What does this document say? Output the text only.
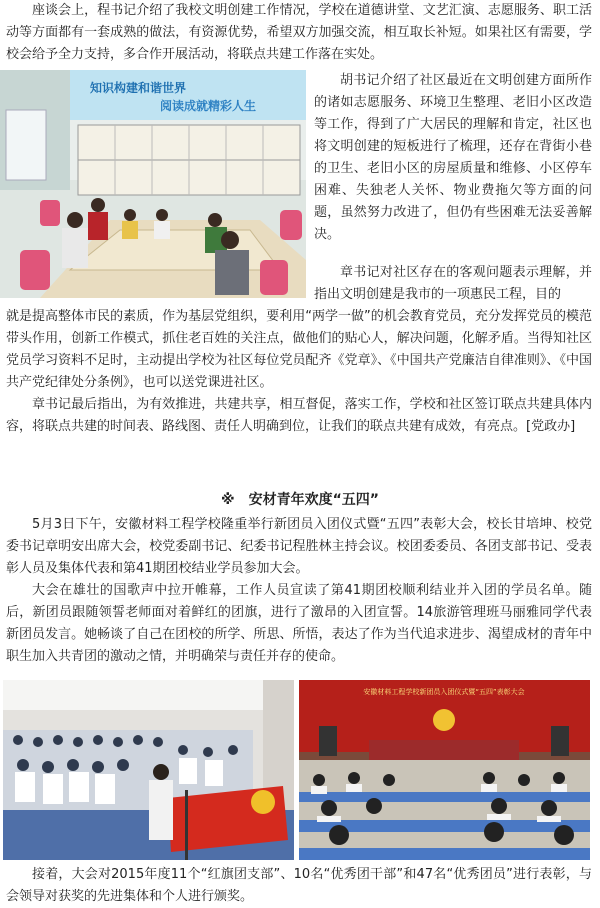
座谈会上，程书记介绍了我校文明创建工作情况，学校在道德讲堂、文艺汇演、志愿服务、职工活动等方面都有一套成熟的做法，有资源优势，希望双方加强交流，相互取长补短。如果社区有需要，学校会给予全力支持，多合作开展活动，将联点共建工作落在实处。

知识构建和谐世界
阅读成就精彩人生

胡书记介绍了社区最近在文明创建方面所作的诸如志愿服务、环境卫生整理、老旧小区改造等工作，得到了广大居民的理解和肯定，社区也将文明创建的短板进行了梳理，还存在背街小巷的卫生、老旧小区的房屋质量和维修、小区停车困难、失独老人关怀、物业费拖欠等方面的问题，虽然努力改进了，但仍有些困难无法妥善解决。

章书记对社区存在的客观问题表示理解，并指出文明创建是我市的一项惠民工程，目的

就是提高整体市民的素质，作为基层党组织，要利用“两学一做”的机会教育党员，充分发挥党员的模范带头作用，创新工作模式，抓住老百姓的关注点，做他们的贴心人，解决问题，化解矛盾。当得知社区党员学习资料不足时，主动提出学校为社区每位党员配齐《党章》、《中国共产党廉洁自律准则》、《中国共产党纪律处分条例》，也可以送党课进社区。

章书记最后指出，为有效推进，共建共享，相互督促，落实工作，学校和社区签订联点共建具体内容，将联点共建的时间表、路线图、责任人明确到位，让我们的联点共建有成效，有亮点。[党政办]

※　安材青年欢度“五四”

5月3日下午，安徽材料工程学校隆重举行新团员入团仪式暨“五四”表彰大会，校长甘培坤、校党委书记章明安出席大会，校党委副书记、纪委书记程胜林主持会议。校团委委员、各团支部书记、受表彰人员及集体代表和第41期团校结业学员参加大会。

大会在雄壮的国歌声中拉开帷幕，工作人员宣读了第41期团校顺利结业并入团的学员名单。随后，新团员跟随领誓老师面对着鲜红的团旗，进行了激昂的入团宣誓。14旅游管理班马丽雅同学代表新团员发言。她畅谈了自己在团校的所学、所思、所悟，表达了作为当代追求进步、渴望成材的青年中职生加入共青团的激动之情，并明确荣与责任并存的使命。

安徽材料工程学校新团员入团仪式暨“五四”表彰大会

接着，大会对2015年度11个“红旗团支部”、10名“优秀团干部”和47名“优秀团员”进行表彰，与会领导对获奖的先进集体和个人进行颁奖。
